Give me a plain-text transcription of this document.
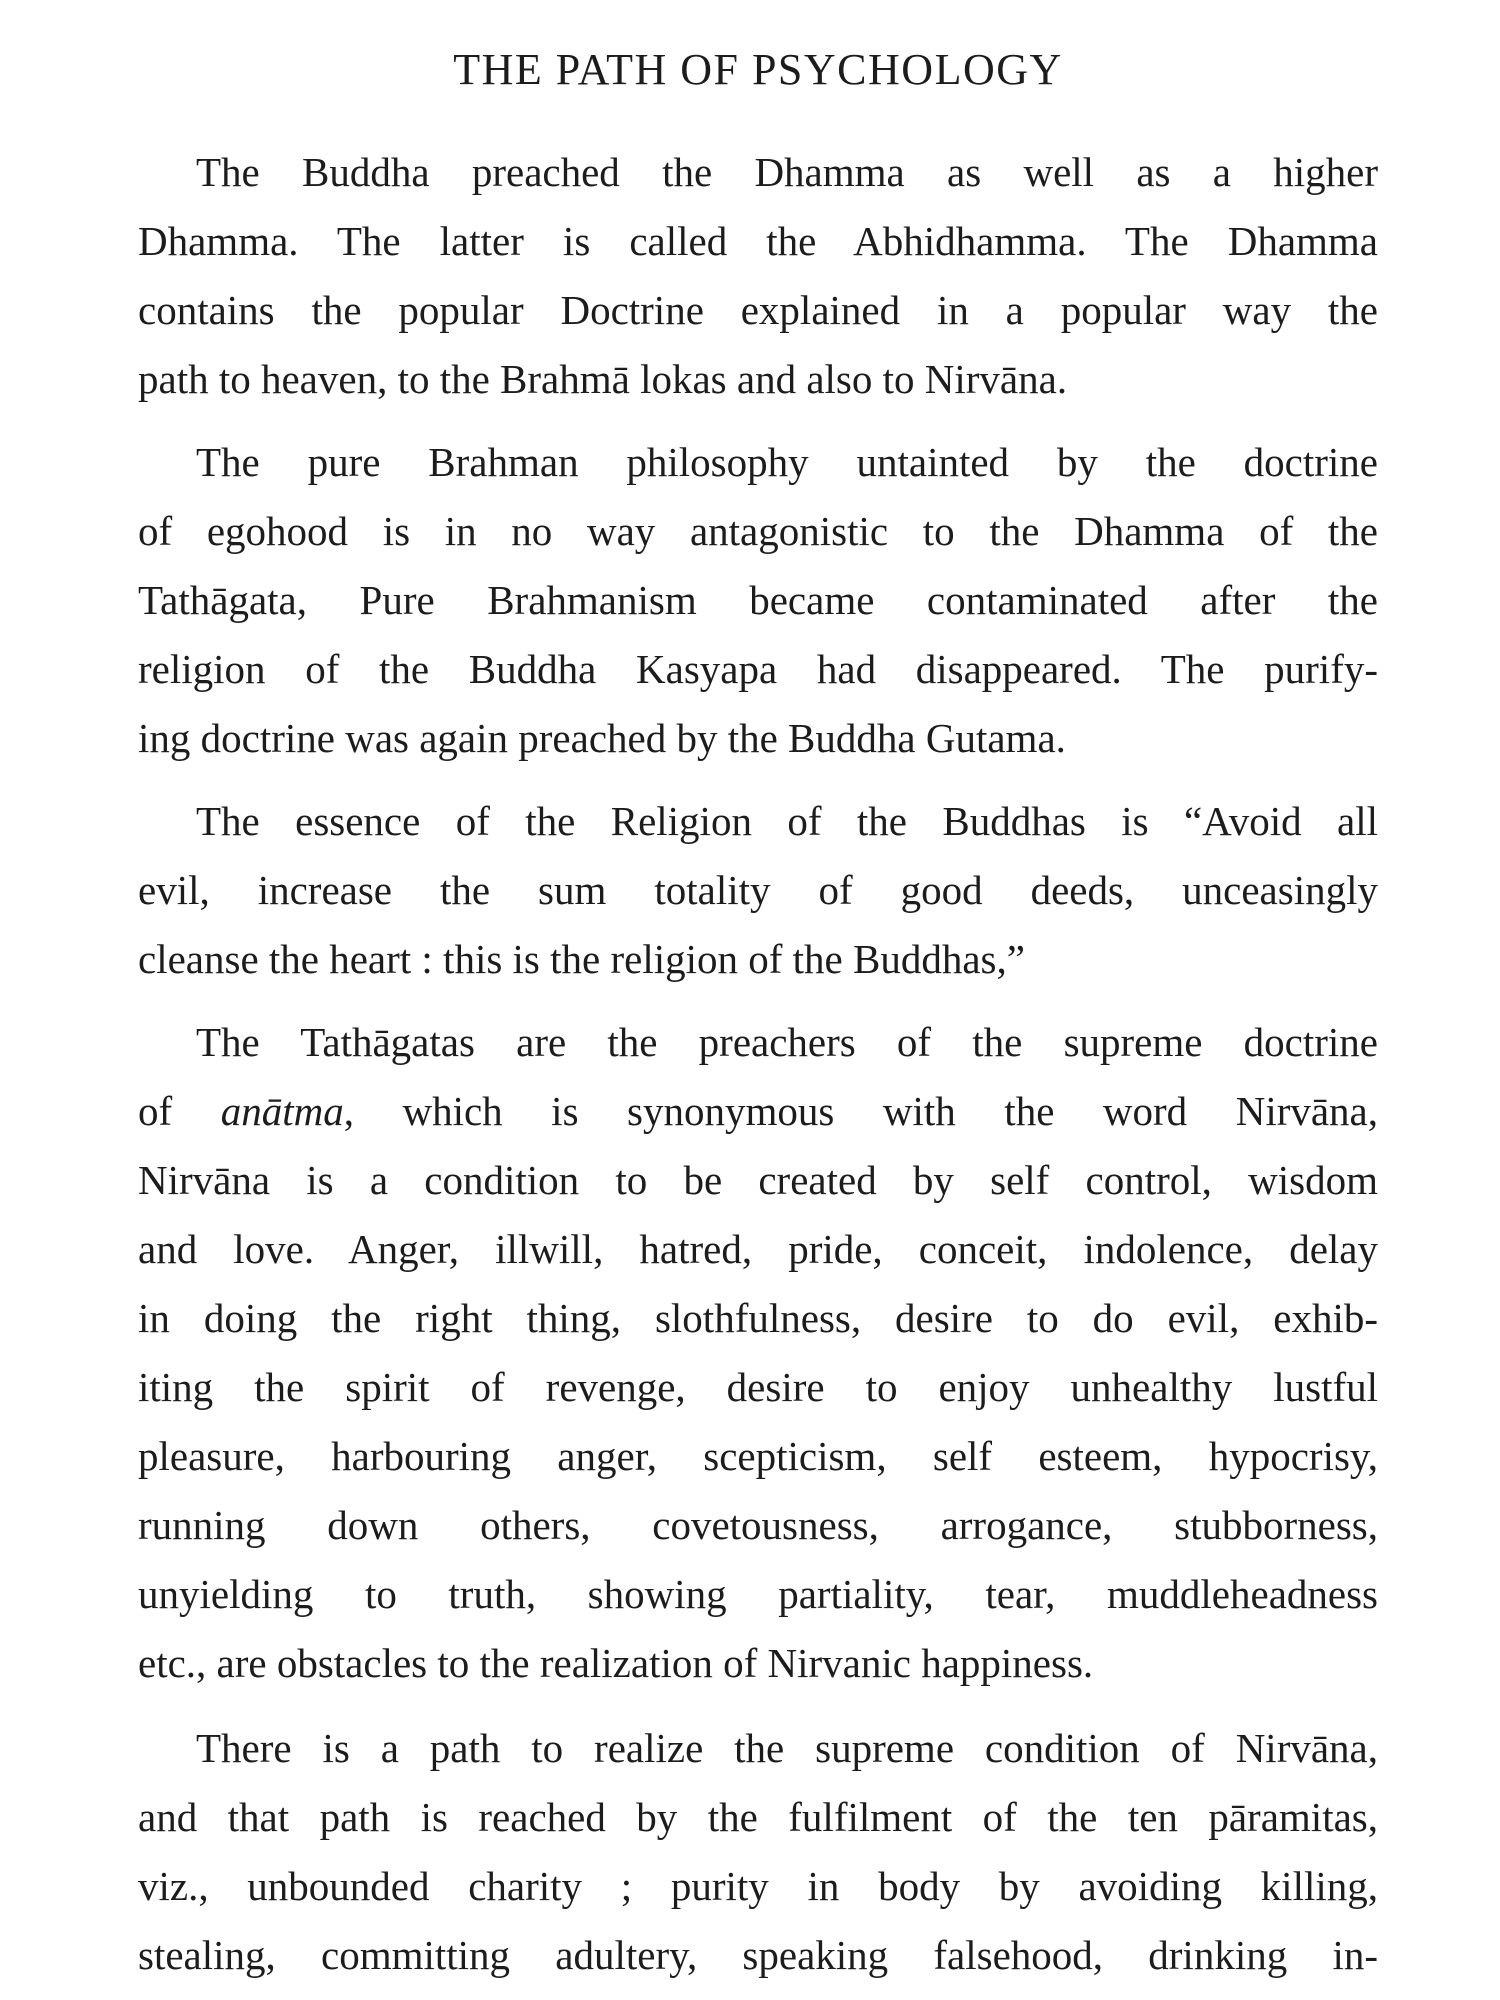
THE PATH OF PSYCHOLOGY
The Buddha preached the Dhamma as well as a higher
Dhamma. The latter is called the Abhidhamma. The Dhamma
contains the popular Doctrine explained in a popular way the
path to heaven, to the Brahmā lokas and also to Nirvāna.
The pure Brahman philosophy untainted by the doctrine
of egohood is in no way antagonistic to the Dhamma of the
Tathāgata, Pure Brahmanism became contaminated after the
religion of the Buddha Kasyapa had disappeared. The purify-
ing doctrine was again preached by the Buddha Gutama.
The essence of the Religion of the Buddhas is “Avoid all
evil, increase the sum totality of good deeds, unceasingly
cleanse the heart : this is the religion of the Buddhas,”
The Tathāgatas are the preachers of the supreme doctrine
of anātma, which is synonymous with the word Nirvāna,
Nirvāna is a condition to be created by self control, wisdom
and love. Anger, illwill, hatred, pride, conceit, indolence, delay
in doing the right thing, slothfulness, desire to do evil, exhib-
iting the spirit of revenge, desire to enjoy unhealthy lustful
pleasure, harbouring anger, scepticism, self esteem, hypocrisy,
running down others, covetousness, arrogance, stubborness,
unyielding to truth, showing partiality, tear, muddleheadness
etc., are obstacles to the realization of Nirvanic happiness.
There is a path to realize the supreme condition of Nirvāna,
and that path is reached by the fulfilment of the ten pāramitas,
viz., unbounded charity ; purity in body by avoiding killing,
stealing, committing adultery, speaking falsehood, drinking in-
